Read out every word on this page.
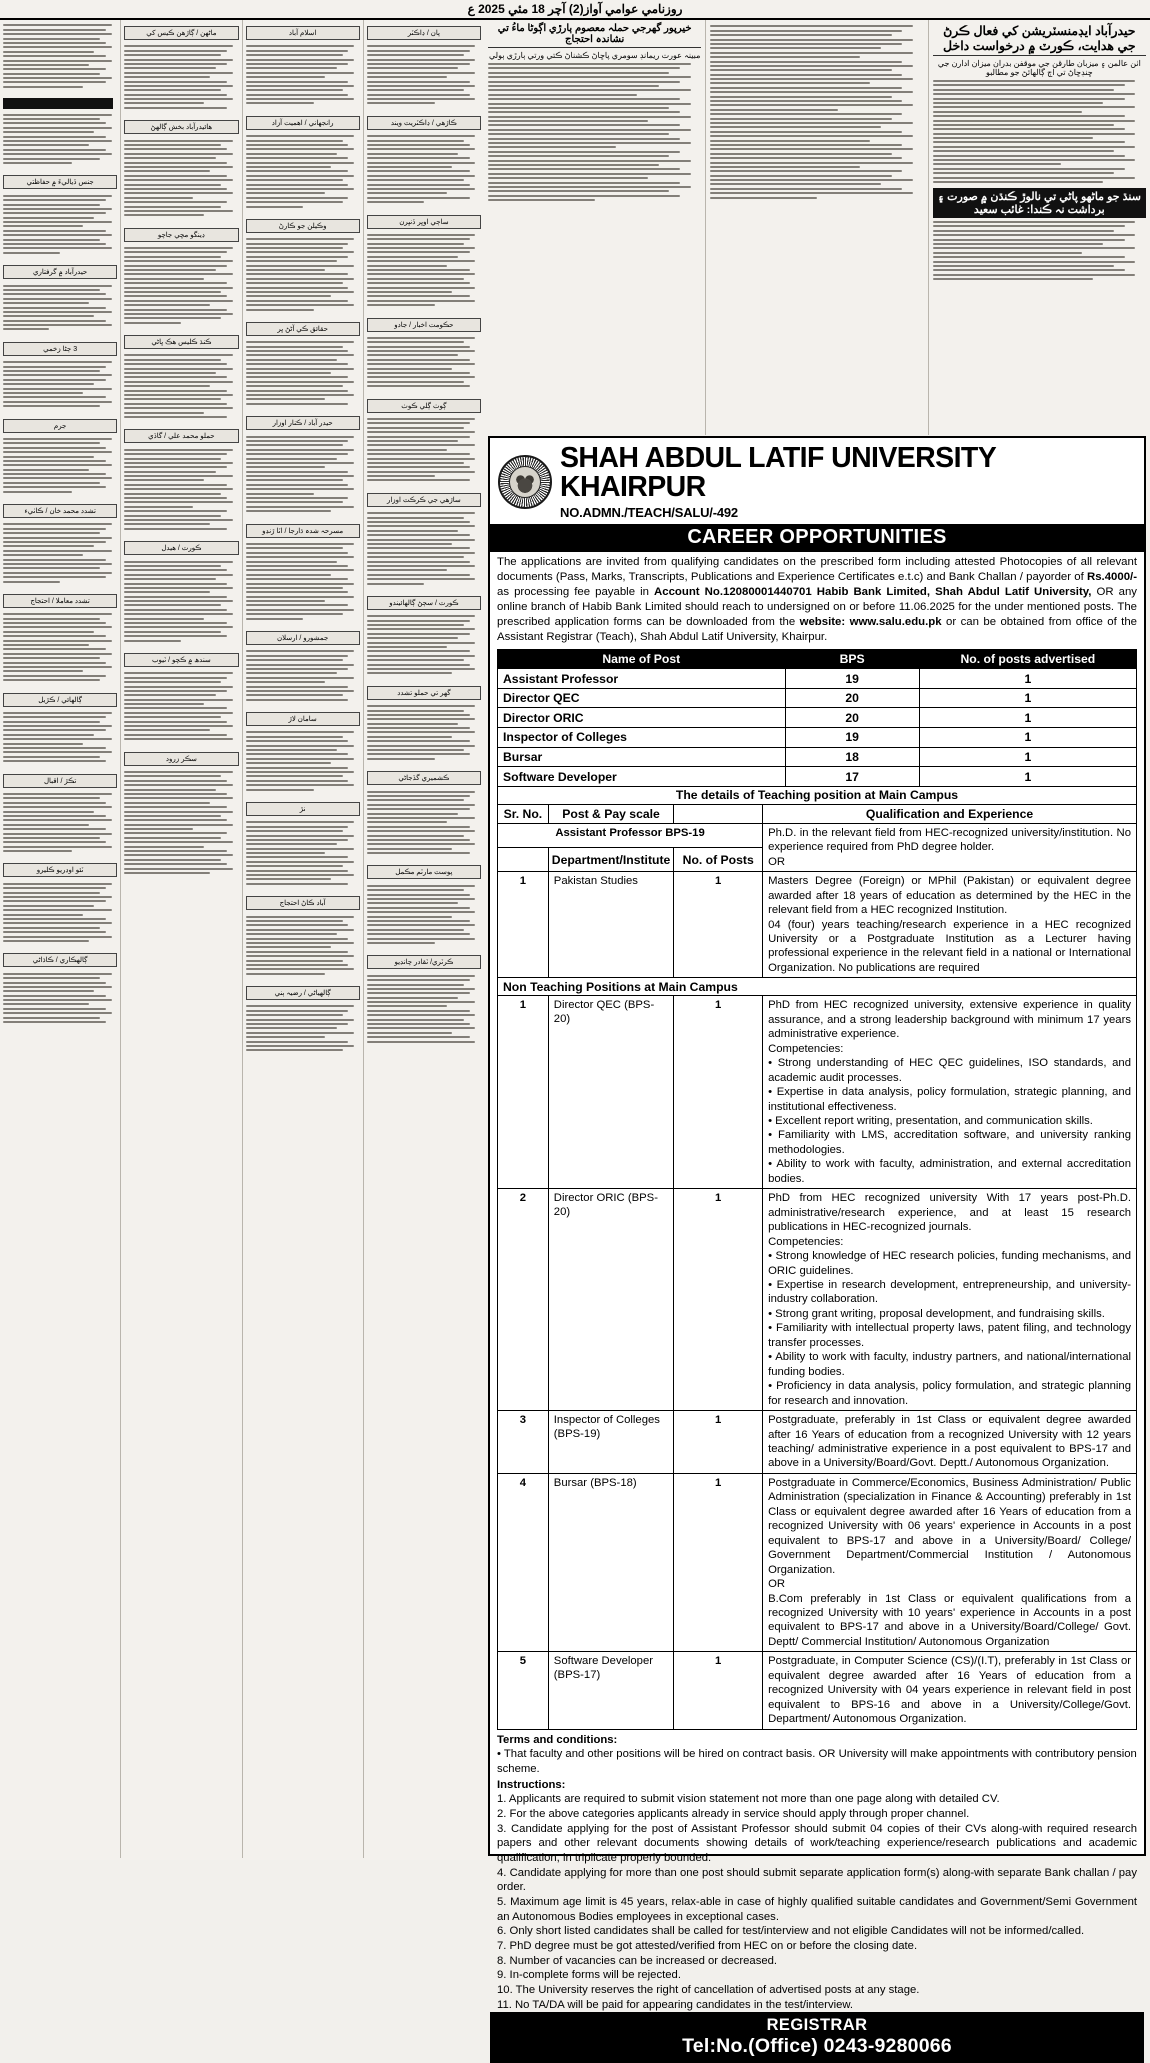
روزنامي عوامي آواز(2) آچر 18 مئي 2025 ع
جنس ڏياليءَ ۾ حفاظتي
حيدرآباد ۾ گرفتاري
3 ڄڻا زخمي
جرم
تشدد محمد خان / ڪاٺيء
تشدد معاملا / احتجاج
ڳالھائي / ڪڙيل
تڪڙ / اقبال
ٽئو اوڊريو ڪليرو
ڳالھڪاري / ڪاڌاڻي
ماڻھن / ڳاڙھن ڪيس کي
ھائيدرآباد بخش ڳالھڻ
ڊينگو مڇي جاچو
ڪنڌ ڪليس ھڪ ڀاڻي
حملو محمد علي / گاڏي
ڪورٽ / ھيدل
سندھ ۾ ڪچو / ٽيوب
سڪر زرود
اسلام آباد
رانجھاني / اھميت آزاد
وڪيلن جو ڪارڻ
حقائق ڪي آڻڻ ڀر
حيدر آباد / ڪنار اوزار
مسرحہ شدہ ڌارجا / اٽا ڙنڊو
جمشورو / ارسلان
سامان لاڙ
نڙ
آباد ڪاڻ احتجاج
ڳالھياڻي / رضيہ ٻني
پان / ڊاڪٽر
ڪاڙھي / ڊاڪٽريٽ ويند
ساڄي اوڀر ڏنڀرن
حڪومت اخبار / جادو
ڳوٺ ڳلي ڪوٺ
ساڙھي جي ڪرڪٽ اوزار
ڪورٽ / سڄڻ ڳالھائيندو
گھر تي حملو تشدد
ڪشميري گڏجاڻي
پوسٽ مارٽم مڪمل
ڪرٽري/ ٽقادر چانڊيو
خيرپور گھرجي حملہ معصوم ٻارڙي اڳوڻا ماءُ تي نشاندہ احتجاج
مبينہ عورت ريمانڊ سومري پاڇاڻ ڪشناڻ ڪتي ورتي ٻارڙي ٻولي
حيدرآباد ايڊمنسٽريشن کي فعال ڪرڻ جي هدايت، ڪورٽ ۾ درخواست داخل
اٺن عالمن ۽ ميزبان طارقن جي موقفن بدران ميزان ادارن جي ڇنڊڇاڻ تي اڄ ڳالھائڻ جو مطالبو
سنڌ جو ماڻھو پاڻي تي نالوڙ ڪنڌن ۾ صورت ۽ برداشت نہ ڪندا: غائب سعيد
SHAH ABDUL LATIF UNIVERSITY KHAIRPUR
NO.ADMN./TEACH/SALU/-492
CAREER OPPORTUNITIES
The applications are invited from qualifying candidates on the prescribed form including attested Photocopies of all relevant documents (Pass, Marks, Transcripts, Publications and Experience Certificates e.t.c) and Bank Challan / payorder of Rs.4000/- as processing fee payable in Account No.12080001440701 Habib Bank Limited, Shah Abdul Latif University, OR any online branch of Habib Bank Limited should reach to undersigned on or before 11.06.2025 for the under mentioned posts. The prescribed application forms can be downloaded from the website: www.salu.edu.pk or can be obtained from office of the Assistant Registrar (Teach), Shah Abdul Latif University, Khairpur.
Name of Post	BPS	No. of posts advertised
Assistant Professor	19	1
Director QEC	20	1
Director ORIC	20	1
Inspector of Colleges	19	1
Bursar	18	1
Software Developer	17	1
The details of Teaching position at Main Campus			
Sr. No.	Post & Pay scale		Qualification and Experience
Assistant Professor BPS-19			Ph.D. in the relevant field from HEC-recognized university/institution. No experience required from PhD degree holder.
OR

	Department/Institute	No. of Posts	
1	Pakistan Studies	1	Masters Degree (Foreign) or MPhil (Pakistan) or equivalent degree awarded after 18 years of education as determined by the HEC in the relevant field from a HEC recognized Institution.
04 (four) years teaching/research experience in a HEC recognized University or a Postgraduate Institution as a Lecturer having professional experience in the relevant field in a national or International Organization. No publications are required

Non Teaching Positions at Main Campus			
1	Director QEC (BPS-20)	1	PhD from HEC recognized university, extensive experience in quality assurance, and a strong leadership background with minimum 17 years administrative experience.
Competencies:
• Strong understanding of HEC QEC guidelines, ISO standards, and academic audit processes.
• Expertise in data analysis, policy formulation, strategic planning, and institutional effectiveness.
• Excellent report writing, presentation, and communication skills.
• Familiarity with LMS, accreditation software, and university ranking methodologies.
• Ability to work with faculty, administration, and external accreditation bodies.

2	Director ORIC (BPS-20)	1	PhD from HEC recognized university With 17 years post-Ph.D. administrative/research experience, and at least 15 research publications in HEC-recognized journals.
Competencies:
• Strong knowledge of HEC research policies, funding mechanisms, and ORIC guidelines.
• Expertise in research development, entrepreneurship, and university-industry collaboration.
• Strong grant writing, proposal development, and fundraising skills.
• Familiarity with intellectual property laws, patent filing, and technology transfer processes.
• Ability to work with faculty, industry partners, and national/international funding bodies.
• Proficiency in data analysis, policy formulation, and strategic planning for research and innovation.

3	Inspector of Colleges (BPS-19)	1	Postgraduate, preferably in 1st Class or equivalent degree awarded after 16 Years of education from a recognized University with 12 years teaching/ administrative experience in a post equivalent to BPS-17 and above in a University/Board/Govt. Deptt./ Autonomous Organization.
4	Bursar (BPS-18)	1	Postgraduate in Commerce/Economics, Business Administration/ Public Administration (specialization in Finance & Accounting) preferably in 1st Class or equivalent degree awarded after 16 Years of education from a recognized University with 06 years' experience in Accounts in a post equivalent to BPS-17 and above in a University/Board/ College/ Government Department/Commercial Institution / Autonomous Organization.
OR
B.Com preferably in 1st Class or equivalent qualifications from a recognized University with 10 years' experience in Accounts in a post equivalent to BPS-17 and above in a University/Board/College/ Govt. Deptt/ Commercial Institution/ Autonomous Organization

5	Software Developer (BPS-17)	1	Postgraduate, in Computer Science (CS)/(I.T), preferably in 1st Class or equivalent degree awarded after 16 Years of education from a recognized University with 04 years experience in relevant field in post equivalent to BPS-16 and above in a University/College/Govt. Department/ Autonomous Organization.

Terms and conditions:

• That faculty and other positions will be hired on contract basis. OR University will make appointments with contributory pension scheme.

Instructions:

1. Applicants are required to submit vision statement not more than one page along with detailed CV.
2. For the above categories applicants already in service should apply through proper channel.
3. Candidate applying for the post of Assistant Professor should submit 04 copies of their CVs along-with required research papers and other relevant documents showing details of work/teaching experience/research publications and academic qualification, in triplicate properly bounded.
4. Candidate applying for more than one post should submit separate application form(s) along-with separate Bank challan / pay order.
5. Maximum age limit is 45 years, relax-able in case of highly qualified suitable candidates and Government/Semi Government an Autonomous Bodies employees in exceptional cases.
6. Only short listed candidates shall be called for test/interview and not eligible Candidates will not be informed/called.
7. PhD degree must be got attested/verified from HEC on or before the closing date.
8. Number of vacancies can be increased or decreased.
9. In-complete forms will be rejected.
10. The University reserves the right of cancellation of advertised posts at any stage.
11. No TA/DA will be paid for appearing candidates in the test/interview.
REGISTRAR
Tel:No.(Office) 0243-9280066
